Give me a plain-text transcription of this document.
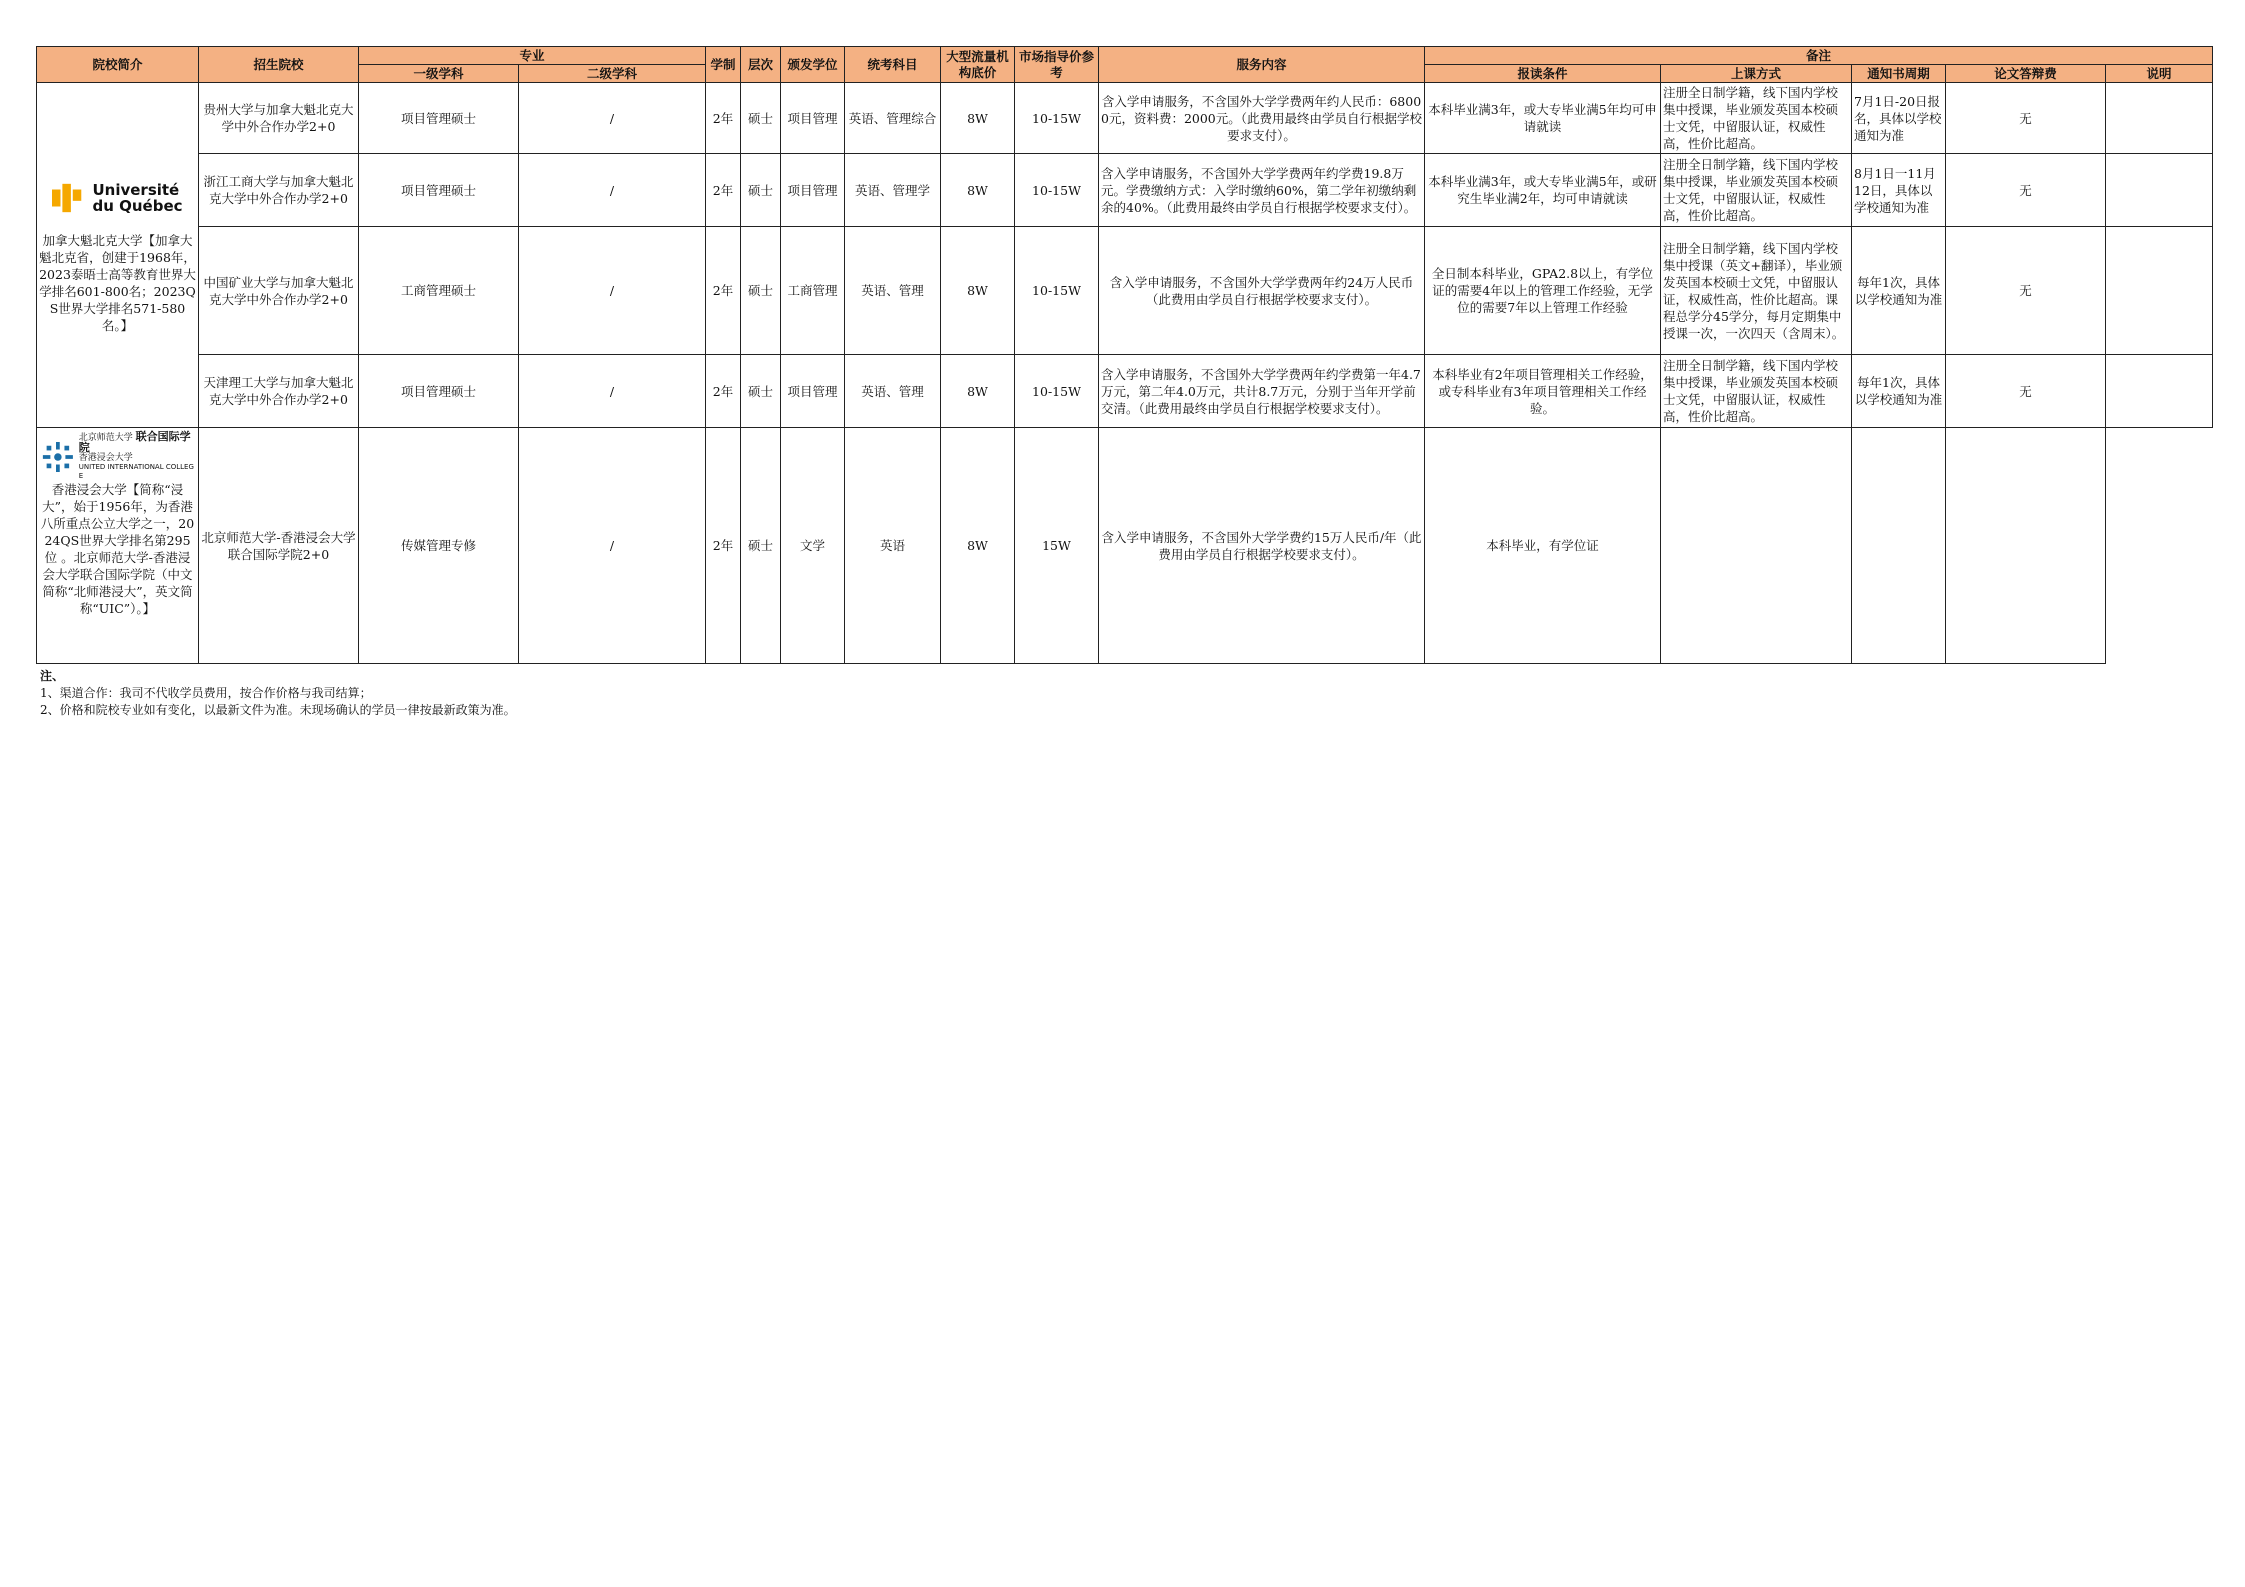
院校简介	招生院校	专业		学制	层次	颁发学位	统考科目	大型流量机构底价	市场指导价参考	服务内容	备注				
		一级学科	二级学科								报读条件	上课方式	通知书周期	论文答辩费	说明

Université
du Québec
加拿大魁北克大学【加拿大魁北克省，创建于1968年，2023泰晤士高等教育世界大学排名601-800名；2023QS世界大学排名571-580名。】	贵州大学与加拿大魁北克大学中外合作办学2+0	项目管理硕士	/	2年	硕士	项目管理	英语、管理综合	8W	10-15W	含入学申请服务，不含国外大学学费两年约人民币：68000元，资料费：2000元。（此费用最终由学员自行根据学校要求支付）。	本科毕业满3年，或大专毕业满5年均可申请就读	注册全日制学籍，线下国内学校集中授课，毕业颁发英国本校硕士文凭，中留服认证，权威性高，性价比超高。	7月1日-20日报名，具体以学校通知为准	无	
	浙江工商大学与加拿大魁北克大学中外合作办学2+0	项目管理硕士	/	2年	硕士	项目管理	英语、管理学	8W	10-15W	含入学申请服务，不含国外大学学费两年约学费19.8万元。学费缴纳方式：入学时缴纳60%，第二学年初缴纳剩余的40%。（此费用最终由学员自行根据学校要求支付）。	本科毕业满3年，或大专毕业满5年，或研究生毕业满2年，均可申请就读	注册全日制学籍，线下国内学校集中授课，毕业颁发英国本校硕士文凭，中留服认证，权威性高，性价比超高。	8月1日一11月12日，具体以学校通知为准	无	
	中国矿业大学与加拿大魁北克大学中外合作办学2+0	工商管理硕士	/	2年	硕士	工商管理	英语、管理	8W	10-15W	含入学申请服务，不含国外大学学费两年约24万人民币（此费用由学员自行根据学校要求支付）。	全日制本科毕业，GPA2.8以上，有学位证的需要4年以上的管理工作经验，无学位的需要7年以上管理工作经验	注册全日制学籍，线下国内学校集中授课（英文+翻译），毕业颁发英国本校硕士文凭，中留服认证，权威性高，性价比超高。课程总学分45学分，每月定期集中授课一次，一次四天（含周末）。	每年1次，具体以学校通知为准	无	
	天津理工大学与加拿大魁北克大学中外合作办学2+0	项目管理硕士	/	2年	硕士	项目管理	英语、管理	8W	10-15W	含入学申请服务，不含国外大学学费两年约学费第一年4.7万元，第二年4.0万元，共计8.7万元，分别于当年开学前交清。（此费用最终由学员自行根据学校要求支付）。	本科毕业有2年项目管理相关工作经验，或专科毕业有3年项目管理相关工作经验。	注册全日制学籍，线下国内学校集中授课，毕业颁发英国本校硕士文凭，中留服认证，权威性高，性价比超高。	每年1次，具体以学校通知为准	无	

北京师范大学 联合国际学院
香港浸会大学
UNITED INTERNATIONAL COLLEGE
香港浸会大学【简称“浸大”，始于1956年，为香港八所重点公立大学之一，2024QS世界大学排名第295位 。北京师范大学-香港浸会大学联合国际学院（中文简称“北师港浸大”，英文简称“UIC”）。】	北京师范大学-香港浸会大学联合国际学院2+0	传媒管理专修	/	2年	硕士	文学	英语	8W	15W	含入学申请服务，不含国外大学学费约15万人民币/年（此费用由学员自行根据学校要求支付）。	本科毕业，有学位证				
注、
1、渠道合作：我司不代收学员费用，按合作价格与我司结算；
2、价格和院校专业如有变化，以最新文件为准。未现场确认的学员一律按最新政策为准。
